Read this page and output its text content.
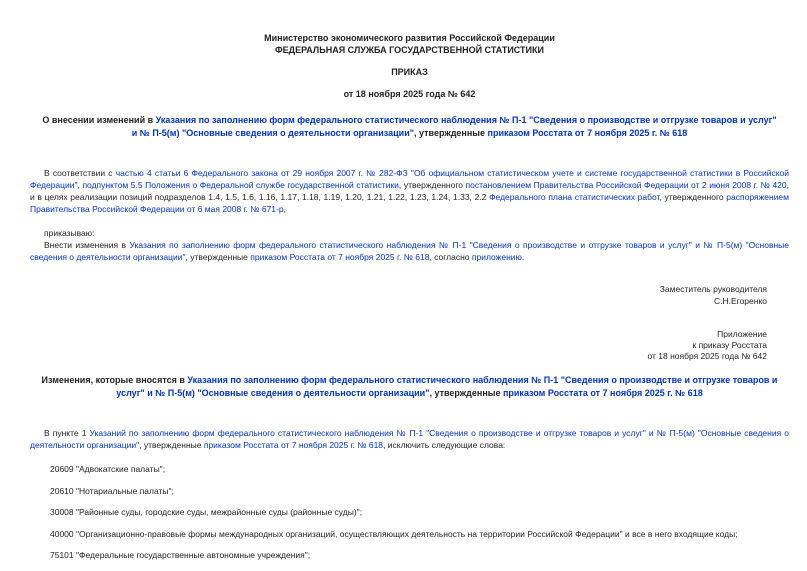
Министерство экономического развития Российской Федерации
ФЕДЕРАЛЬНАЯ СЛУЖБА ГОСУДАРСТВЕННОЙ СТАТИСТИКИ
ПРИКАЗ
от 18 ноября 2025 года № 642
О внесении изменений в Указания по заполнению форм федерального статистического наблюдения № П-1 "Сведения о производстве и отгрузке товаров и услуг" и № П-5(м) "Основные сведения о деятельности организации", утвержденные приказом Росстата от 7 ноября 2025 г. № 618
В соответствии с частью 4 статьи 6 Федерального закона от 29 ноября 2007 г. № 282-ФЗ "Об официальном статистическом учете и системе государственной статистики в Российской Федерации", подпунктом 5.5 Положения о Федеральной службе государственной статистики, утвержденного постановлением Правительства Российской Федерации от 2 июня 2008 г. № 420, и в целях реализации позиций подразделов 1.4, 1.5, 1.6, 1.16, 1.17, 1.18, 1.19, 1.20, 1.21, 1.22, 1.23, 1.24, 1.33, 2.2 Федерального плана статистических работ, утвержденного распоряжением Правительства Российской Федерации от 6 мая 2008 г. № 671-р,
приказываю:
Внести изменения в Указания по заполнению форм федерального статистического наблюдения № П-1 "Сведения о производстве и отгрузке товаров и услуг" и № П-5(м) "Основные сведения о деятельности организации", утвержденные приказом Росстата от 7 ноября 2025 г. № 618, согласно приложению.
Заместитель руководителя
С.Н.Егоренко
Приложение
к приказу Росстата
от 18 ноября 2025 года № 642
Изменения, которые вносятся в Указания по заполнению форм федерального статистического наблюдения № П-1 "Сведения о производстве и отгрузке товаров и услуг" и № П-5(м) "Основные сведения о деятельности организации", утвержденные приказом Росстата от 7 ноября 2025 г. № 618
В пункте 1 Указаний по заполнению форм федерального статистического наблюдения № П-1 "Сведения о производстве и отгрузке товаров и услуг" и № П-5(м) "Основные сведения о деятельности организации", утвержденные приказом Росстата от 7 ноября 2025 г. № 618, исключить следующие слова:
20609 "Адвокатские палаты";
20610 "Нотариальные палаты";
30008 "Районные суды, городские суды, межрайонные суды (районные суды)";
40000 "Организационно-правовые формы международных организаций, осуществляющих деятельность на территории Российской Федерации" и все в него входящие коды;
75101 "Федеральные государственные автономные учреждения";
